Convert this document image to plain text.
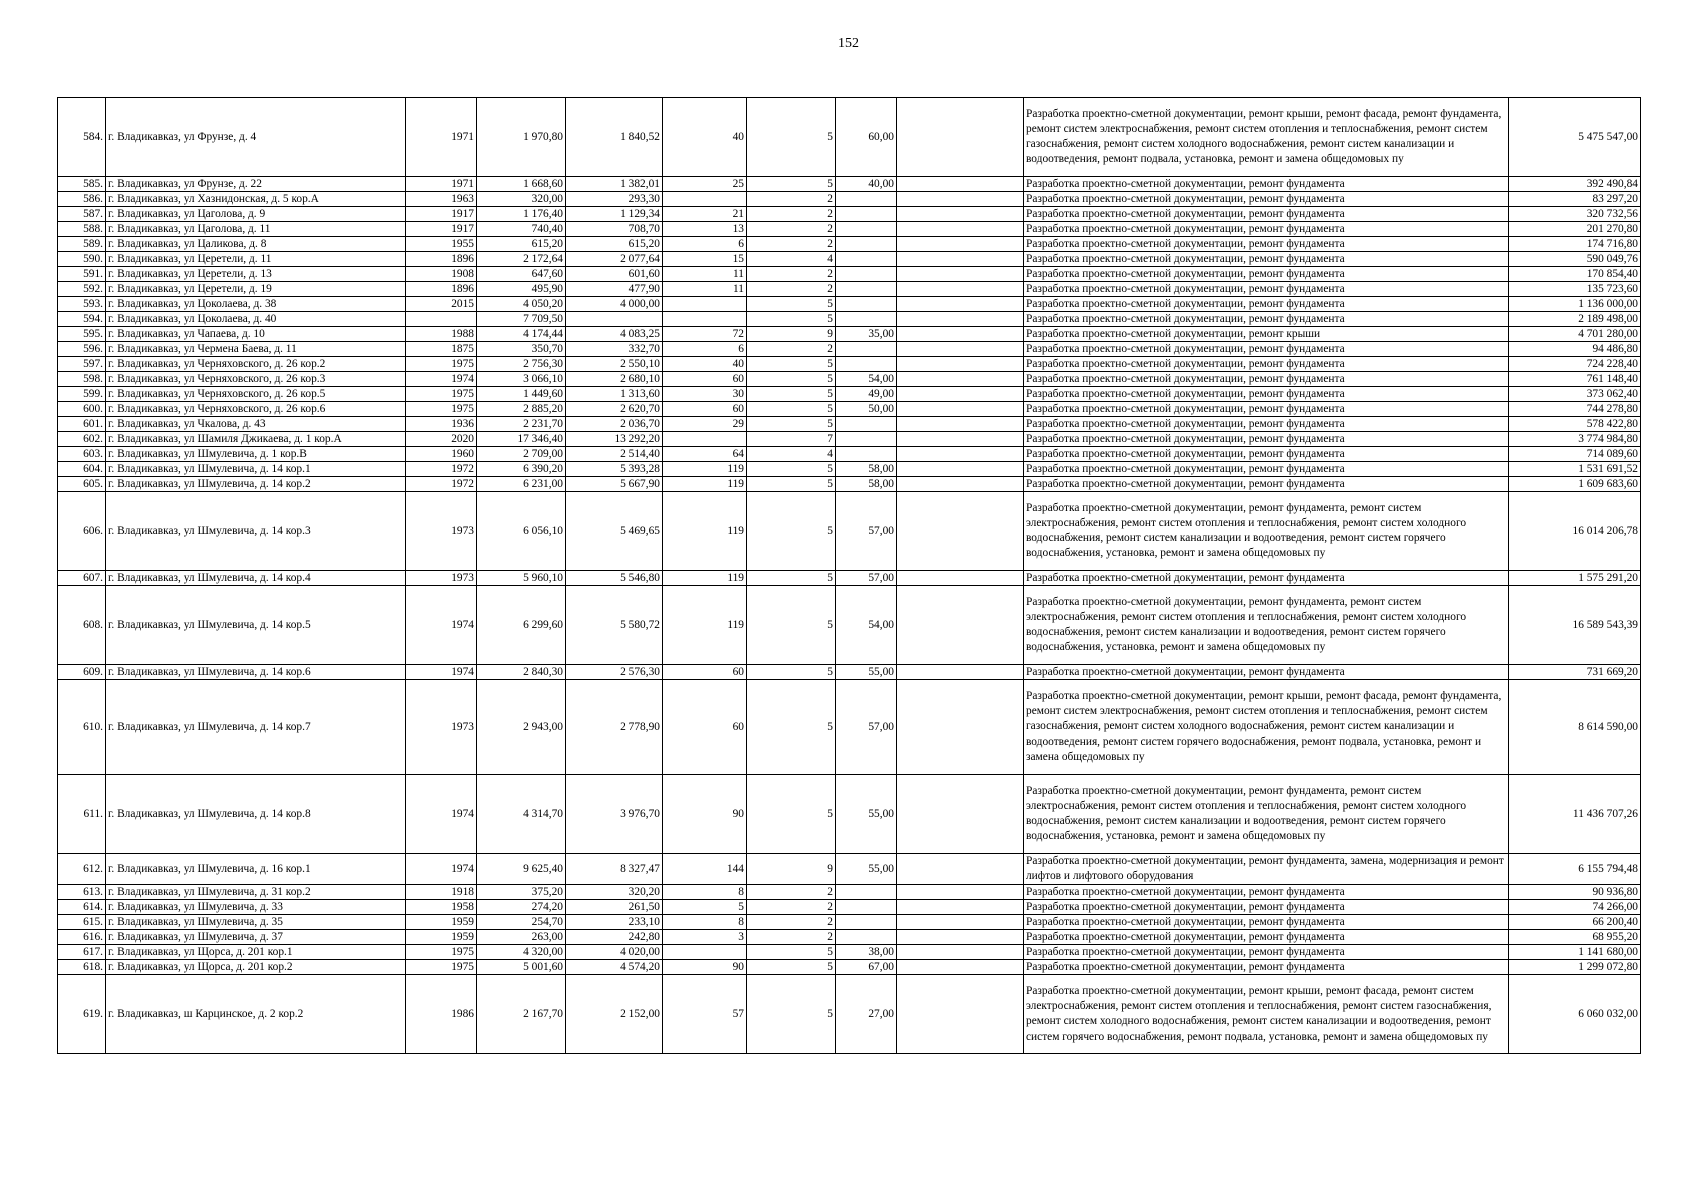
152
584.	г. Владикавказ, ул Фрунзе, д. 4	1971	1 970,80	1 840,52	40	5	60,00		Разработка проектно-сметной документации, ремонт крыши, ремонт фасада, ремонт фундамента, ремонт систем электроснабжения, ремонт систем отопления и теплоснабжения, ремонт систем газоснабжения, ремонт систем холодного водоснабжения, ремонт систем канализации и водоотведения, ремонт подвала, установка, ремонт и замена общедомовых пу	5 475 547,00
585.	г. Владикавказ, ул Фрунзе, д. 22	1971	1 668,60	1 382,01	25	5	40,00		Разработка проектно-сметной документации, ремонт фундамента	392 490,84
586.	г. Владикавказ, ул Хазнидонская, д. 5 кор.А	1963	320,00	293,30		2			Разработка проектно-сметной документации, ремонт фундамента	83 297,20
587.	г. Владикавказ, ул Цаголова, д. 9	1917	1 176,40	1 129,34	21	2			Разработка проектно-сметной документации, ремонт фундамента	320 732,56
588.	г. Владикавказ, ул Цаголова, д. 11	1917	740,40	708,70	13	2			Разработка проектно-сметной документации, ремонт фундамента	201 270,80
589.	г. Владикавказ, ул Цаликова, д. 8	1955	615,20	615,20	6	2			Разработка проектно-сметной документации, ремонт фундамента	174 716,80
590.	г. Владикавказ, ул Церетели, д. 11	1896	2 172,64	2 077,64	15	4			Разработка проектно-сметной документации, ремонт фундамента	590 049,76
591.	г. Владикавказ, ул Церетели, д. 13	1908	647,60	601,60	11	2			Разработка проектно-сметной документации, ремонт фундамента	170 854,40
592.	г. Владикавказ, ул Церетели, д. 19	1896	495,90	477,90	11	2			Разработка проектно-сметной документации, ремонт фундамента	135 723,60
593.	г. Владикавказ, ул Цоколаева, д. 38	2015	4 050,20	4 000,00		5			Разработка проектно-сметной документации, ремонт фундамента	1 136 000,00
594.	г. Владикавказ, ул Цоколаева, д. 40		7 709,50			5			Разработка проектно-сметной документации, ремонт фундамента	2 189 498,00
595.	г. Владикавказ, ул Чапаева, д. 10	1988	4 174,44	4 083,25	72	9	35,00		Разработка проектно-сметной документации, ремонт крыши	4 701 280,00
596.	г. Владикавказ, ул Чермена Баева, д. 11	1875	350,70	332,70	6	2			Разработка проектно-сметной документации, ремонт фундамента	94 486,80
597.	г. Владикавказ, ул Черняховского, д. 26 кор.2	1975	2 756,30	2 550,10	40	5			Разработка проектно-сметной документации, ремонт фундамента	724 228,40
598.	г. Владикавказ, ул Черняховского, д. 26 кор.3	1974	3 066,10	2 680,10	60	5	54,00		Разработка проектно-сметной документации, ремонт фундамента	761 148,40
599.	г. Владикавказ, ул Черняховского, д. 26 кор.5	1975	1 449,60	1 313,60	30	5	49,00		Разработка проектно-сметной документации, ремонт фундамента	373 062,40
600.	г. Владикавказ, ул Черняховского, д. 26 кор.6	1975	2 885,20	2 620,70	60	5	50,00		Разработка проектно-сметной документации, ремонт фундамента	744 278,80
601.	г. Владикавказ, ул Чкалова, д. 43	1936	2 231,70	2 036,70	29	5			Разработка проектно-сметной документации, ремонт фундамента	578 422,80
602.	г. Владикавказ, ул Шамиля Джикаева, д. 1 кор.А	2020	17 346,40	13 292,20		7			Разработка проектно-сметной документации, ремонт фундамента	3 774 984,80
603.	г. Владикавказ, ул Шмулевича, д. 1 кор.В	1960	2 709,00	2 514,40	64	4			Разработка проектно-сметной документации, ремонт фундамента	714 089,60
604.	г. Владикавказ, ул Шмулевича, д. 14 кор.1	1972	6 390,20	5 393,28	119	5	58,00		Разработка проектно-сметной документации, ремонт фундамента	1 531 691,52
605.	г. Владикавказ, ул Шмулевича, д. 14 кор.2	1972	6 231,00	5 667,90	119	5	58,00		Разработка проектно-сметной документации, ремонт фундамента	1 609 683,60
606.	г. Владикавказ, ул Шмулевича, д. 14 кор.3	1973	6 056,10	5 469,65	119	5	57,00		Разработка проектно-сметной документации, ремонт фундамента, ремонт систем электроснабжения, ремонт систем отопления и теплоснабжения, ремонт систем холодного водоснабжения, ремонт систем канализации и водоотведения, ремонт систем горячего водоснабжения, установка, ремонт и замена общедомовых пу	16 014 206,78
607.	г. Владикавказ, ул Шмулевича, д. 14 кор.4	1973	5 960,10	5 546,80	119	5	57,00		Разработка проектно-сметной документации, ремонт фундамента	1 575 291,20
608.	г. Владикавказ, ул Шмулевича, д. 14 кор.5	1974	6 299,60	5 580,72	119	5	54,00		Разработка проектно-сметной документации, ремонт фундамента, ремонт систем электроснабжения, ремонт систем отопления и теплоснабжения, ремонт систем холодного водоснабжения, ремонт систем канализации и водоотведения, ремонт систем горячего водоснабжения, установка, ремонт и замена общедомовых пу	16 589 543,39
609.	г. Владикавказ, ул Шмулевича, д. 14 кор.6	1974	2 840,30	2 576,30	60	5	55,00		Разработка проектно-сметной документации, ремонт фундамента	731 669,20
610.	г. Владикавказ, ул Шмулевича, д. 14 кор.7	1973	2 943,00	2 778,90	60	5	57,00		Разработка проектно-сметной документации, ремонт крыши, ремонт фасада, ремонт фундамента, ремонт систем электроснабжения, ремонт систем отопления и теплоснабжения, ремонт систем газоснабжения, ремонт систем холодного водоснабжения, ремонт систем канализации и водоотведения, ремонт систем горячего водоснабжения, ремонт подвала, установка, ремонт и замена общедомовых пу	8 614 590,00
611.	г. Владикавказ, ул Шмулевича, д. 14 кор.8	1974	4 314,70	3 976,70	90	5	55,00		Разработка проектно-сметной документации, ремонт фундамента, ремонт систем электроснабжения, ремонт систем отопления и теплоснабжения, ремонт систем холодного водоснабжения, ремонт систем канализации и водоотведения, ремонт систем горячего водоснабжения, установка, ремонт и замена общедомовых пу	11 436 707,26
612.	г. Владикавказ, ул Шмулевича, д. 16 кор.1	1974	9 625,40	8 327,47	144	9	55,00		Разработка проектно-сметной документации, ремонт фундамента, замена, модернизация и ремонт лифтов и лифтового оборудования	6 155 794,48
613.	г. Владикавказ, ул Шмулевича, д. 31 кор.2	1918	375,20	320,20	8	2			Разработка проектно-сметной документации, ремонт фундамента	90 936,80
614.	г. Владикавказ, ул Шмулевича, д. 33	1958	274,20	261,50	5	2			Разработка проектно-сметной документации, ремонт фундамента	74 266,00
615.	г. Владикавказ, ул Шмулевича, д. 35	1959	254,70	233,10	8	2			Разработка проектно-сметной документации, ремонт фундамента	66 200,40
616.	г. Владикавказ, ул Шмулевича, д. 37	1959	263,00	242,80	3	2			Разработка проектно-сметной документации, ремонт фундамента	68 955,20
617.	г. Владикавказ, ул Щорса, д. 201 кор.1	1975	4 320,00	4 020,00		5	38,00		Разработка проектно-сметной документации, ремонт фундамента	1 141 680,00
618.	г. Владикавказ, ул Щорса, д. 201 кор.2	1975	5 001,60	4 574,20	90	5	67,00		Разработка проектно-сметной документации, ремонт фундамента	1 299 072,80
619.	г. Владикавказ, ш Карцинское, д. 2 кор.2	1986	2 167,70	2 152,00	57	5	27,00		Разработка проектно-сметной документации, ремонт крыши, ремонт фасада, ремонт систем электроснабжения, ремонт систем отопления и теплоснабжения, ремонт систем газоснабжения, ремонт систем холодного водоснабжения, ремонт систем канализации и водоотведения, ремонт систем горячего водоснабжения, ремонт подвала, установка, ремонт и замена общедомовых пу	6 060 032,00
